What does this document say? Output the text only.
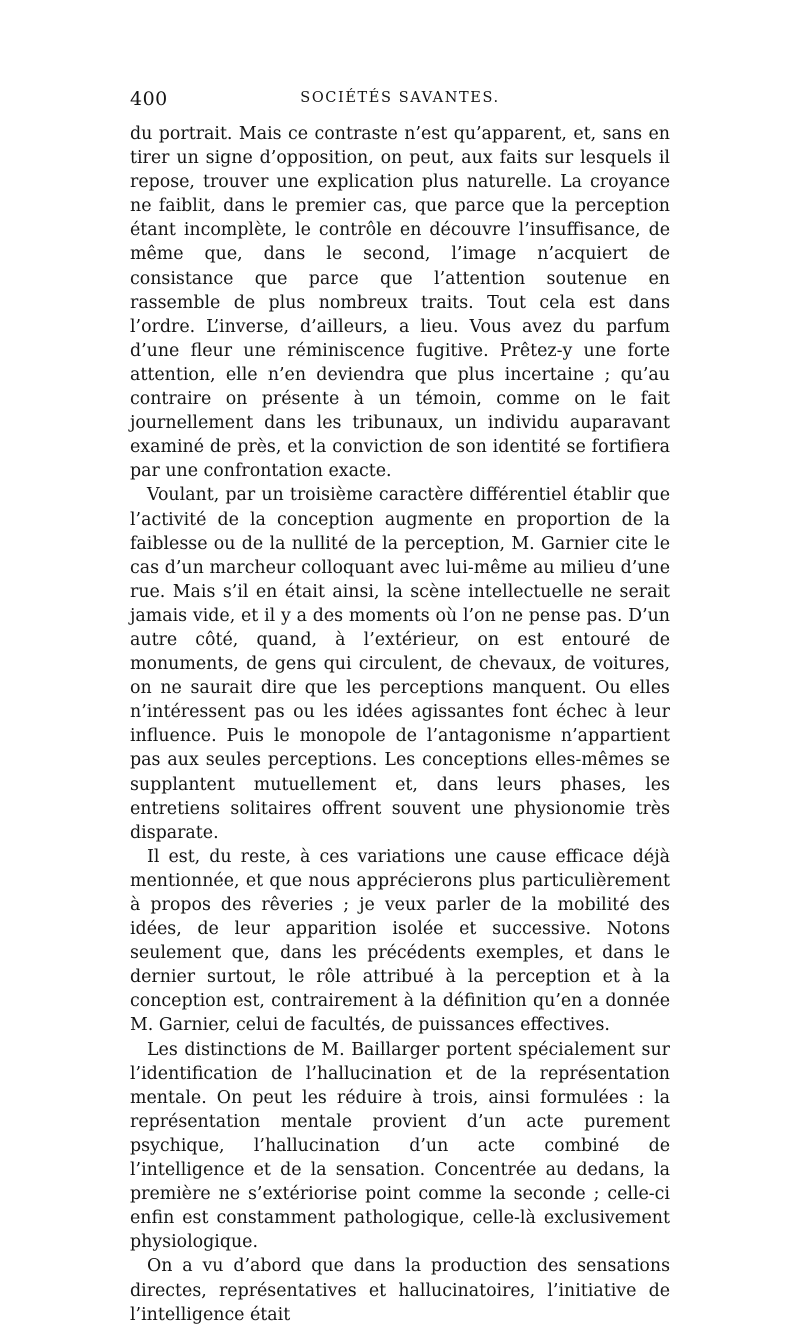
400	SOCIÉTÉS SAVANTES.

du portrait. Mais ce contraste n’est qu’apparent, et, sans en tirer un signe d’opposition, on peut, aux faits sur lesquels il repose, trouver une explication plus naturelle. La croyance ne faiblit, dans le premier cas, que parce que la perception étant incomplète, le contrôle en découvre l’insuffisance, de même que, dans le second, l’image n’acquiert de consistance que parce que l’attention soutenue en rassemble de plus nombreux traits. Tout cela est dans l’ordre. L’inverse, d’ailleurs, a lieu. Vous avez du parfum d’une fleur une réminiscence fugitive. Prêtez-y une forte attention, elle n’en deviendra que plus incertaine ; qu’au contraire on présente à un témoin, comme on le fait journellement dans les tribunaux, un individu auparavant examiné de près, et la conviction de son identité se fortifiera par une confrontation exacte.

Voulant, par un troisième caractère différentiel établir que l’activité de la conception augmente en proportion de la faiblesse ou de la nullité de la perception, M. Garnier cite le cas d’un marcheur colloquant avec lui-même au milieu d’une rue. Mais s’il en était ainsi, la scène intellectuelle ne serait jamais vide, et il y a des moments où l’on ne pense pas. D’un autre côté, quand, à l’extérieur, on est entouré de monuments, de gens qui circulent, de chevaux, de voitures, on ne saurait dire que les perceptions manquent. Ou elles n’intéressent pas ou les idées agissantes font échec à leur influence. Puis le monopole de l’antagonisme n’appartient pas aux seules perceptions. Les conceptions elles-mêmes se supplantent mutuellement et, dans leurs phases, les entretiens solitaires offrent souvent une physionomie très disparate.

Il est, du reste, à ces variations une cause efficace déjà mentionnée, et que nous apprécierons plus particulièrement à propos des rêveries ; je veux parler de la mobilité des idées, de leur apparition isolée et successive. Notons seulement que, dans les précédents exemples, et dans le dernier surtout, le rôle attribué à la perception et à la conception est, contrairement à la définition qu’en a donnée M. Garnier, celui de facultés, de puissances effectives.

Les distinctions de M. Baillarger portent spécialement sur l’identification de l’hallucination et de la représentation mentale. On peut les réduire à trois, ainsi formulées : la représentation mentale provient d’un acte purement psychique, l’hallucination d’un acte combiné de l’intelligence et de la sensation. Concentrée au dedans, la première ne s’extériorise point comme la seconde ; celle-ci enfin est constamment pathologique, celle-là exclusivement physiologique.

On a vu d’abord que dans la production des sensations directes, représentatives et hallucinatoires, l’initiative de l’intelligence était
